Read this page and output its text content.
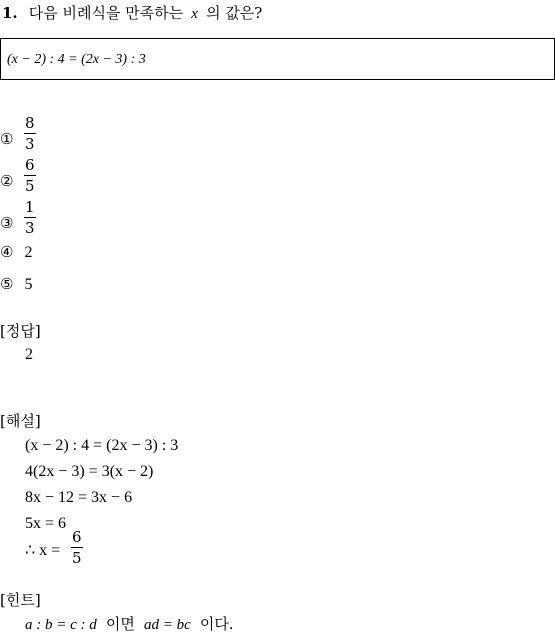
1. 다음 비례식을 만족하는 x 의 값은?
(x − 2) : 4 = (2x − 3) : 3
① $\frac{8}{3}$
② $\frac{6}{5}$
③ $\frac{1}{3}$
④ 2
⑤ 5
[정답]
2
[해설]
(x − 2) : 4 = (2x − 3) : 3
4(2x − 3) = 3(x − 2)
8x − 12 = 3x − 6
5x = 6
∴ $x = \frac{6}{5}$
[힌트]
a : b = c : d 이면 ad = bc 이다.
